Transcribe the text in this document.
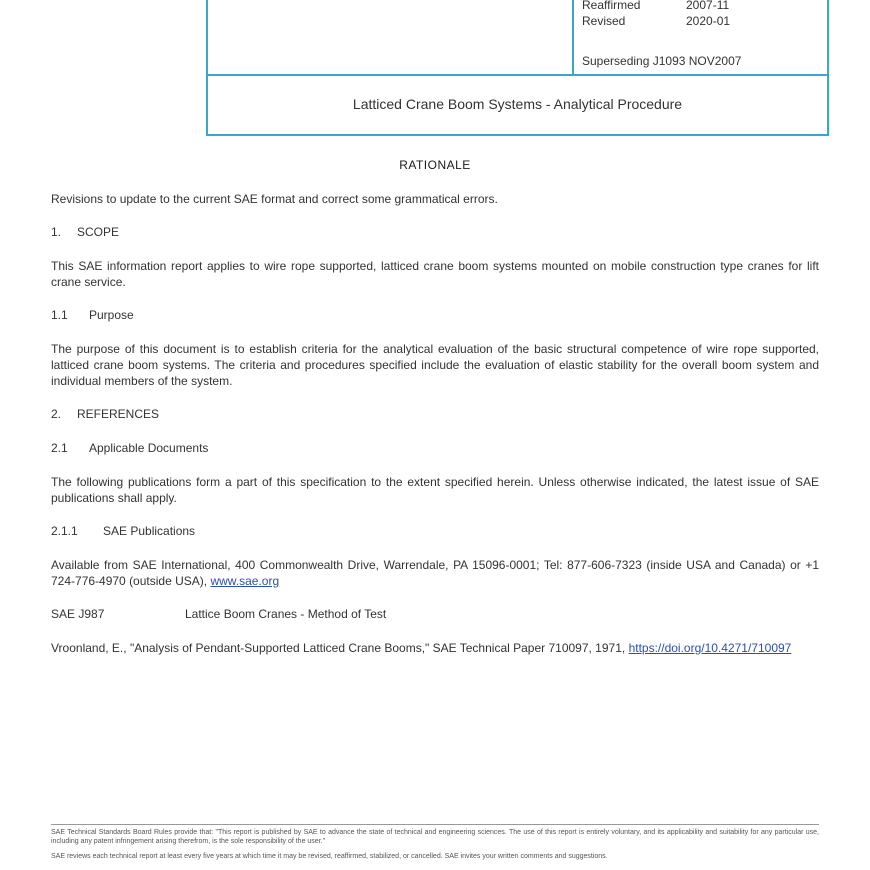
Reaffirmed	2007-11
Revised	2020-01
Superseding J1093 NOV2007
Latticed Crane Boom Systems - Analytical Procedure
RATIONALE
Revisions to update to the current SAE format and correct some grammatical errors.
1. SCOPE
This SAE information report applies to wire rope supported, latticed crane boom systems mounted on mobile construction type cranes for lift crane service.
1.1 Purpose
The purpose of this document is to establish criteria for the analytical evaluation of the basic structural competence of wire rope supported, latticed crane boom systems. The criteria and procedures specified include the evaluation of elastic stability for the overall boom system and individual members of the system.
2. REFERENCES
2.1 Applicable Documents
The following publications form a part of this specification to the extent specified herein. Unless otherwise indicated, the latest issue of SAE publications shall apply.
2.1.1 SAE Publications
Available from SAE International, 400 Commonwealth Drive, Warrendale, PA 15096-0001; Tel: 877-606-7323 (inside USA and Canada) or +1 724-776-4970 (outside USA), www.sae.org
SAE J987	Lattice Boom Cranes - Method of Test
Vroonland, E., "Analysis of Pendant-Supported Latticed Crane Booms," SAE Technical Paper 710097, 1971, https://doi.org/10.4271/710097
SAE Technical Standards Board Rules provide that: "This report is published by SAE to advance the state of technical and engineering sciences. The use of this report is entirely voluntary, and its applicability and suitability for any particular use, including any patent infringement arising therefrom, is the sole responsibility of the user."
SAE reviews each technical report at least every five years at which time it may be revised, reaffirmed, stabilized, or cancelled. SAE invites your written comments and suggestions.
